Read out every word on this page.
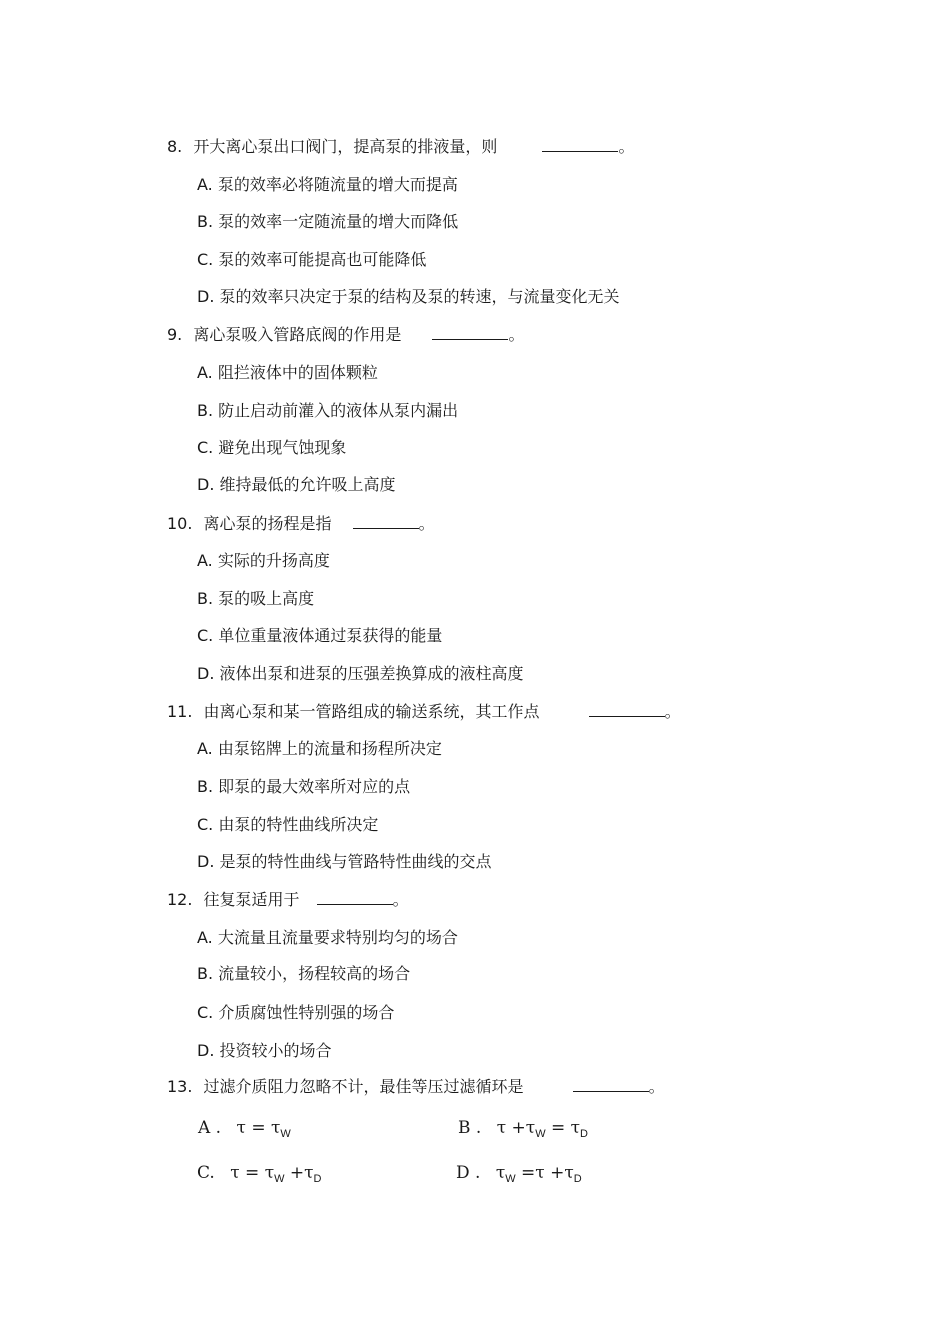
8. 开大离心泵出口阀门，提高泵的排液量，则	。
A. 泵的效率必将随流量的增大而提高
B. 泵的效率一定随流量的增大而降低
C. 泵的效率可能提高也可能降低
D. 泵的效率只决定于泵的结构及泵的转速，与流量变化无关
9. 离心泵吸入管路底阀的作用是	。
A. 阻拦液体中的固体颗粒
B. 防止启动前灌入的液体从泵内漏出
C. 避免出现气蚀现象
D. 维持最低的允许吸上高度
10. 离心泵的扬程是指	。
A. 实际的升扬高度
B. 泵的吸上高度
C. 单位重量液体通过泵获得的能量
D. 液体出泵和进泵的压强差换算成的液柱高度
11. 由离心泵和某一管路组成的输送系统，其工作点	。
A. 由泵铭牌上的流量和扬程所决定
B. 即泵的最大效率所对应的点
C. 由泵的特性曲线所决定
D. 是泵的特性曲线与管路特性曲线的交点
12. 往复泵适用于	。
A. 大流量且流量要求特别均匀的场合
B. 流量较小，扬程较高的场合
C. 介质腐蚀性特别强的场合
D. 投资较小的场合
13. 过滤介质阻力忽略不计，最佳等压过滤循环是	。
A . $\tau = \tau_W$	B . $\tau +\tau_W = \tau_D$
C. $\tau = \tau_W +\tau_D$	D . $\tau_W =\tau +\tau_D$
